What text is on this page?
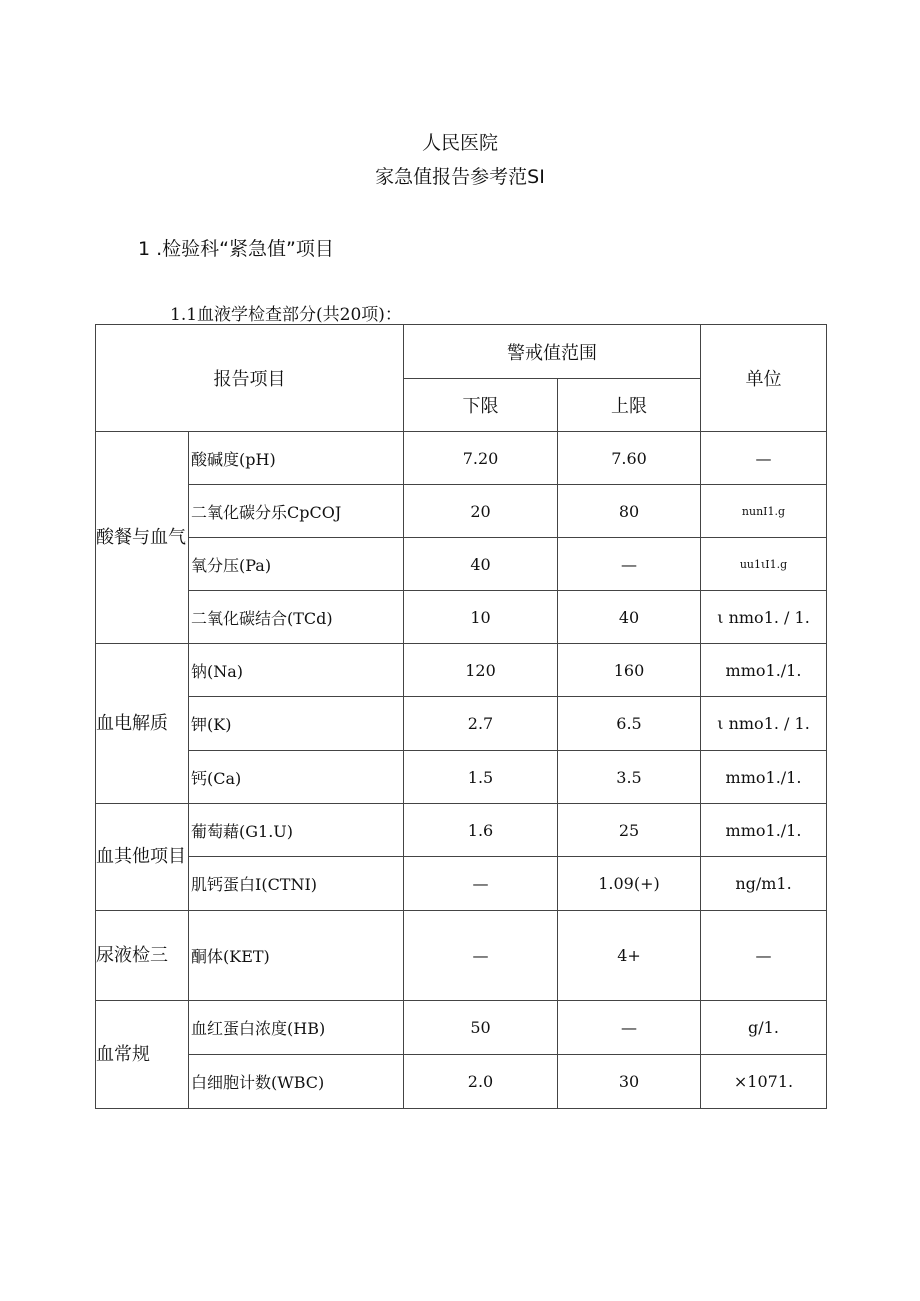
人民医院
家急值报告参考范SI
1 .检验科“紧急值”项目
1.1血液学检查部分(共20项)：
报告项目		警戒值范围		单位
		下限	上限	

酸餐与血气	酸碱度(pH)	7.20	7.60	—
	二氧化碳分乐CpCOJ	20	80	nunI1.g
	氧分压(Pa)	40	—	uu1ιI1.g
	二氧化碳结合(TCd)	10	40	ι nmo1. / 1.

血电解质	钠(Na)	120	160	mmo1./1.
	钾(K)	2.7	6.5	ι nmo1. / 1.
	钙(Ca)	1.5	3.5	mmo1./1.

血其他项目	葡萄藉(G1.U)	1.6	25	mmo1./1.
	肌钙蛋白I(CTNI)	—	1.09(+)	ng/m1.

尿液检三	酮体(KET)	—	4+	—

血常规	血红蛋白浓度(HB)	50	—	g/1.
	白细胞计数(WBC)	2.0	30	×1071.
